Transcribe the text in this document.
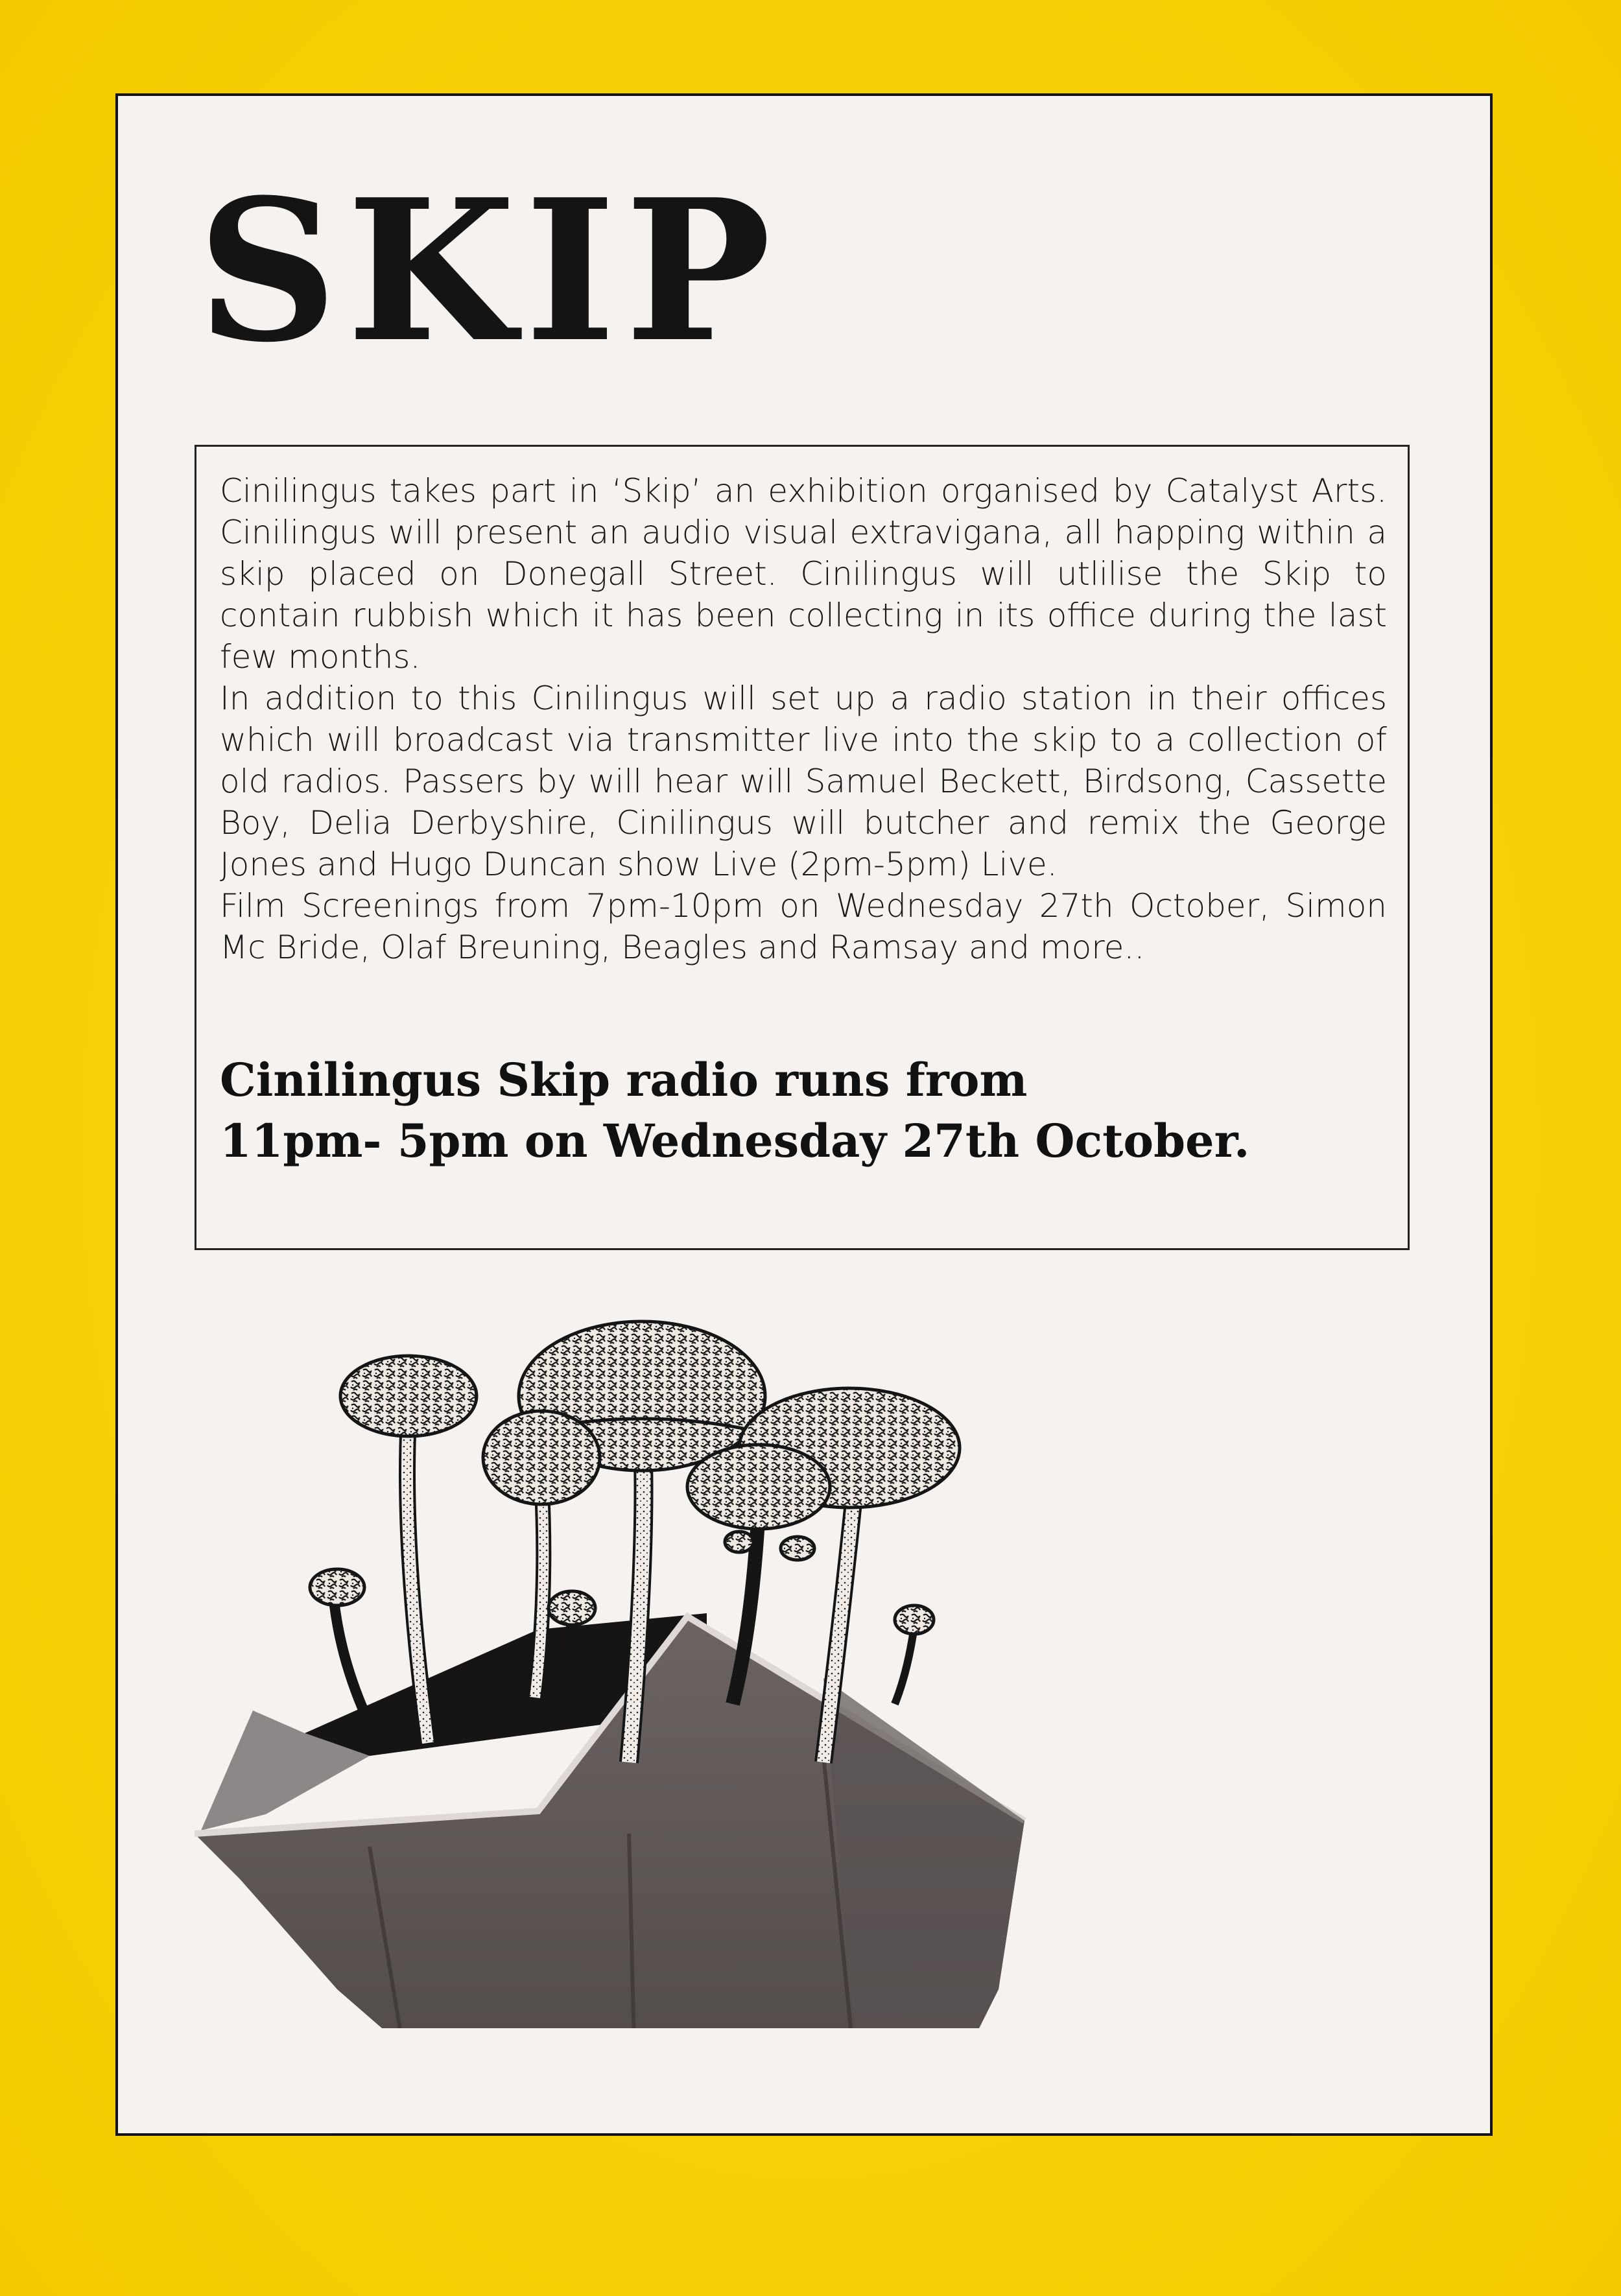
SKIP

Cinilingus takes part in ‘Skip’ an exhibition organised by Catalyst Arts. Cinilingus will present an audio visual extravigana, all happing within a skip placed on Donegall Street. Cinilingus will utlilise the Skip to contain rubbish which it has been collecting in its office during the last few months.

In addition to this Cinilingus will set up a radio station in their offices which will broadcast via transmitter live into the skip to a collection of old radios. Passers by will hear will Samuel Beckett, Birdsong, Cassette Boy, Delia Derbyshire, Cinilingus will butcher and remix the George Jones and Hugo Duncan show Live (2pm-5pm) Live.

Film Screenings from 7pm-10pm on Wednesday 27th October, Simon Mc Bride, Olaf Breuning, Beagles and Ramsay and more..

Cinilingus Skip radio runs from

11pm- 5pm on Wednesday 27th October.
